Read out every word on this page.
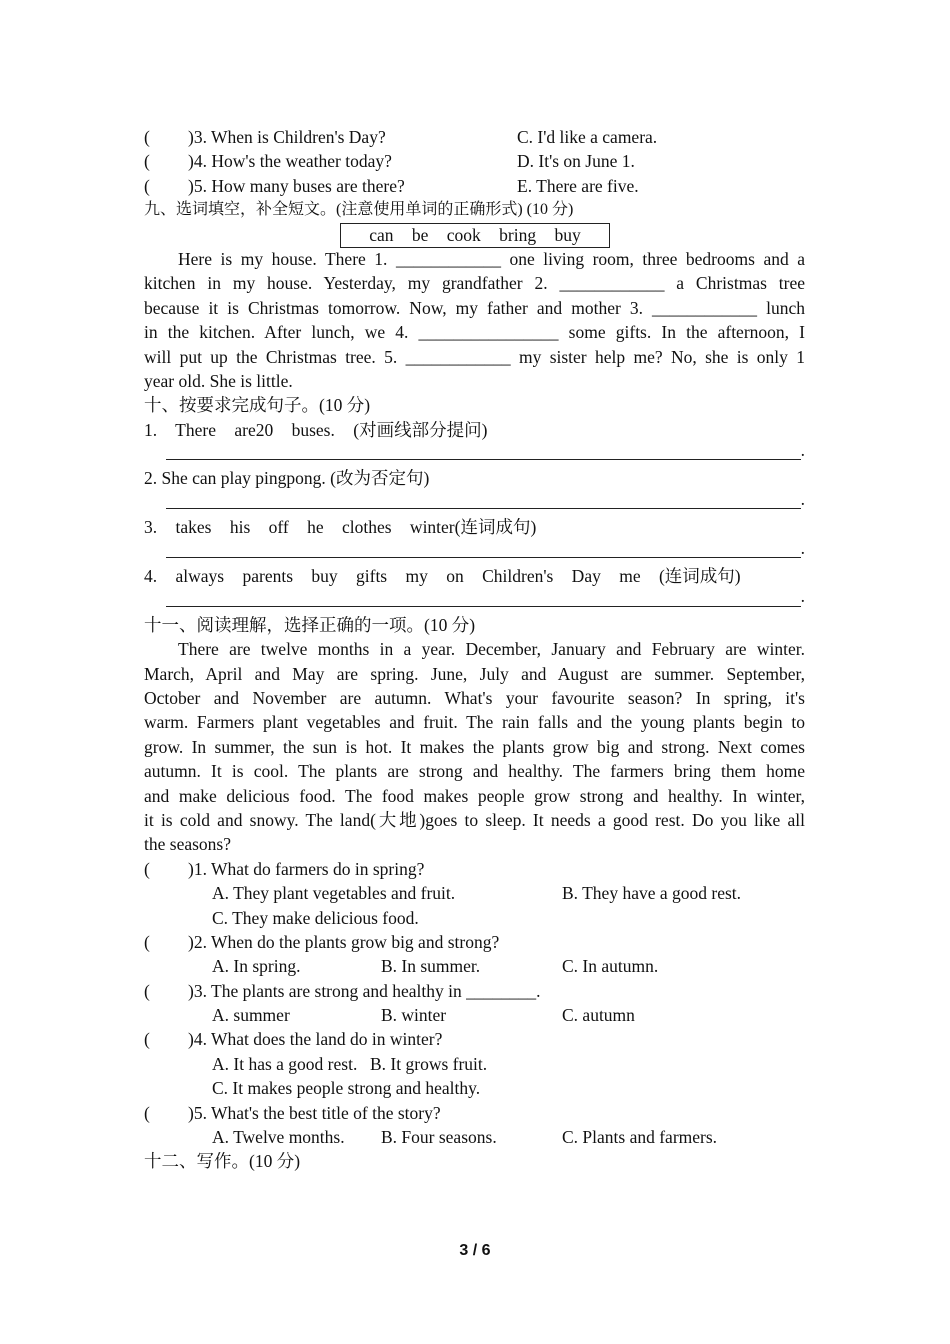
( )3. When is Children's Day?	C. I'd like a camera.
( )4. How's the weather today?	D. It's on June 1.
( )5. How many buses are there?	E. There are five.
九、选词填空，补全短文。(注意使用单词的正确形式) (10 分)
can be cook bring buy
Here is my house. There 1. ____________ one living room, three bedrooms and a
kitchen in my house. Yesterday, my grandfather 2. ____________ a Christmas tree
because it is Christmas tomorrow. Now, my father and mother 3. ____________ lunch
in the kitchen. After lunch, we 4. ________________ some gifts. In the afternoon, I
will put up the Christmas tree. 5. ____________ my sister help me? No, she is only 1
year old. She is little.
十、按要求完成句子。(10 分)
1. There are20 buses. (对画线部分提问)
.
2. She can play pingpong. (改为否定句)
.
3. takes his off he clothes winter(连词成句)
.
4. always parents buy gifts my on Children's Day me (连词成句)
.
十一、阅读理解，选择正确的一项。(10 分)
There are twelve months in a year. December, January and February are winter.
March, April and May are spring. June, July and August are summer. September,
October and November are autumn. What's your favourite season? In spring, it's
warm. Farmers plant vegetables and fruit. The rain falls and the young plants begin to
grow. In summer, the sun is hot. It makes the plants grow big and strong. Next comes
autumn. It is cool. The plants are strong and healthy. The farmers bring them home
and make delicious food. The food makes people grow strong and healthy. In winter,
it is cold and snowy. The land(大地)goes to sleep. It needs a good rest. Do you like all
the seasons?
( )1. What do farmers do in spring?
A. They plant vegetables and fruit.	B. They have a good rest.
C. They make delicious food.
( )2. When do the plants grow big and strong?
A. In spring.	B. In summer.	C. In autumn.
( )3. The plants are strong and healthy in ________.
A. summer	B. winter	C. autumn
( )4. What does the land do in winter?
A. It has a good rest. B. It grows fruit.
C. It makes people strong and healthy.
( )5. What's the best title of the story?
A. Twelve months. B. Four seasons.	C. Plants and farmers.
十二、写作。(10 分)
3 / 6
